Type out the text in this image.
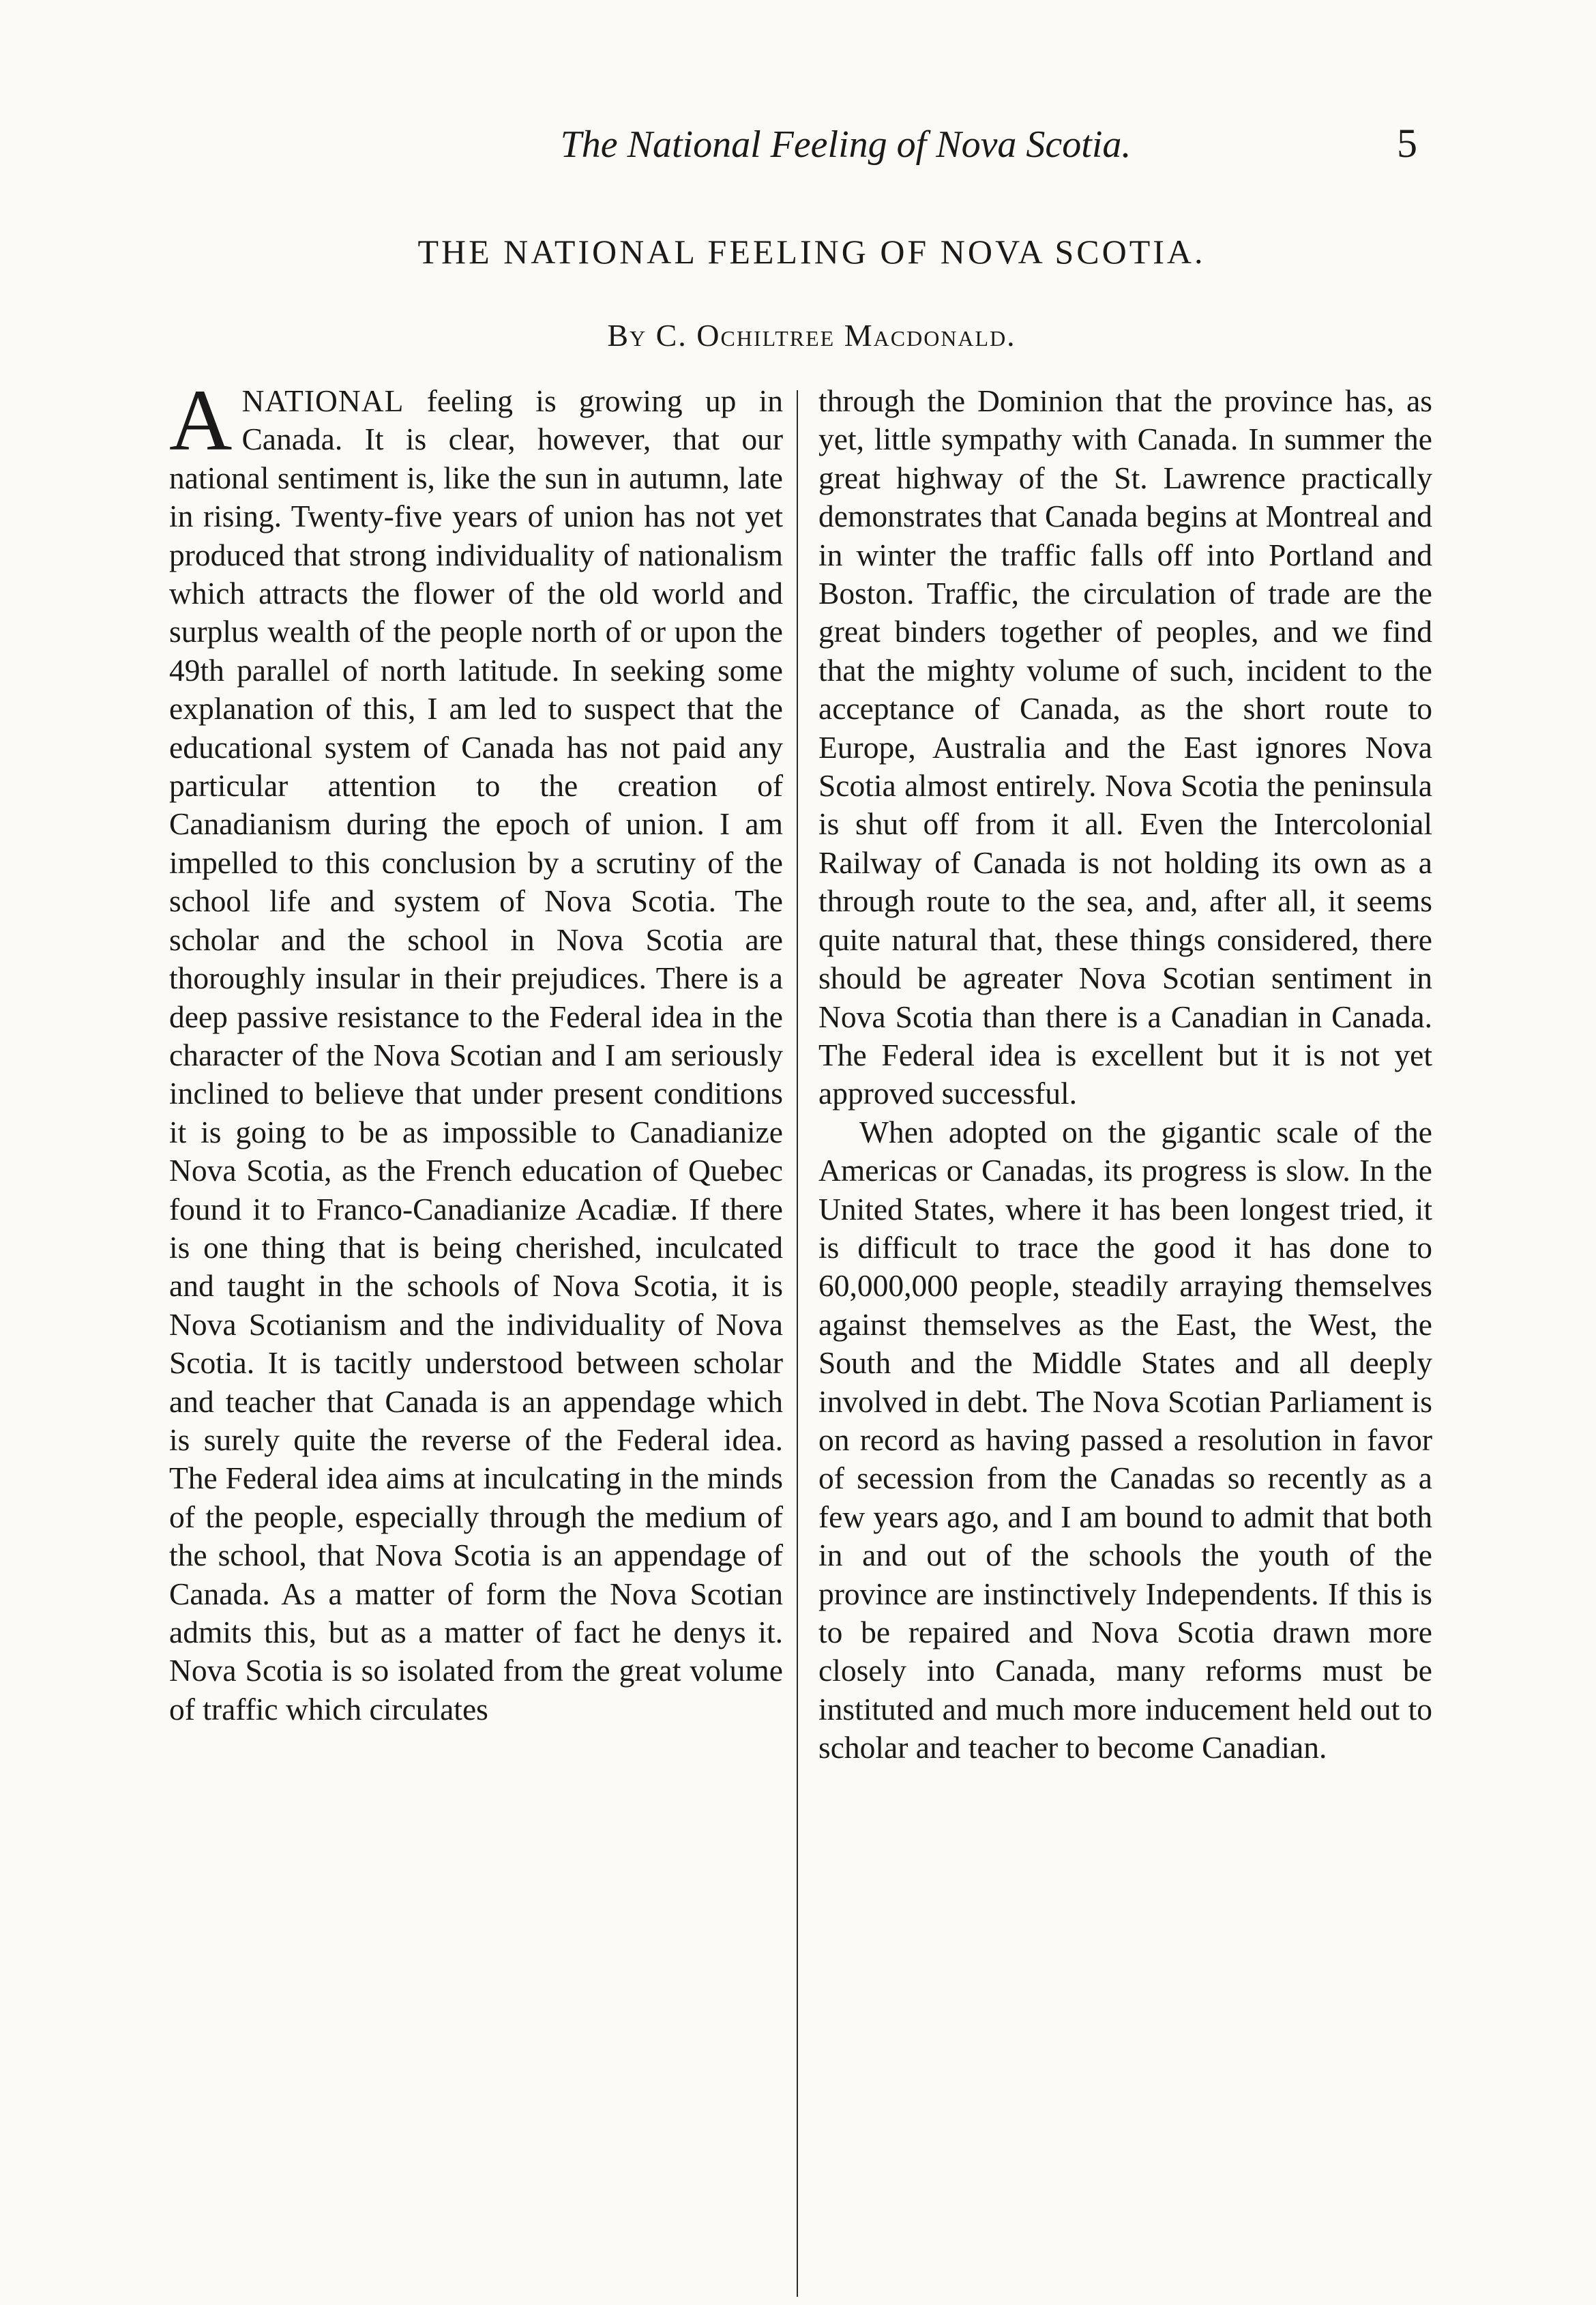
The National Feeling of Nova Scotia.	5
THE NATIONAL FEELING OF NOVA SCOTIA.
By C. Ochiltree Macdonald.

ANATIONAL feeling is growing up in Canada. It is clear, however, that our national sentiment is, like the sun in autumn, late in rising. Twenty-five years of union has not yet produced that strong individuality of nationalism which attracts the flower of the old world and surplus wealth of the people north of or upon the 49th parallel of north latitude. In seeking some explanation of this, I am led to suspect that the educational system of Canada has not paid any particular attention to the creation of Canadianism during the epoch of union. I am impelled to this conclusion by a scrutiny of the school life and system of Nova Scotia. The scholar and the school in Nova Scotia are thoroughly insular in their prejudices. There is a deep passive resistance to the Federal idea in the character of the Nova Scotian and I am seriously inclined to believe that under present conditions it is going to be as impossible to Canadianize Nova Scotia, as the French education of Quebec found it to Franco-Canadianize Acadiæ. If there is one thing that is being cherished, inculcated and taught in the schools of Nova Scotia, it is Nova Scotianism and the individuality of Nova Scotia. It is tacitly understood between scholar and teacher that Canada is an appendage which is surely quite the reverse of the Federal idea. The Federal idea aims at inculcating in the minds of the people, especially through the medium of the school, that Nova Scotia is an appendage of Canada. As a matter of form the Nova Scotian admits this, but as a matter of fact he denys it. Nova Scotia is so isolated from the great volume of traffic which circulates

through the Dominion that the province has, as yet, little sympathy with Canada. In summer the great highway of the St. Lawrence practically demonstrates that Canada begins at Montreal and in winter the traffic falls off into Portland and Boston. Traffic, the circulation of trade are the great binders together of peoples, and we find that the mighty volume of such, incident to the acceptance of Canada, as the short route to Europe, Australia and the East ignores Nova Scotia almost entirely. Nova Scotia the peninsula is shut off from it all. Even the Intercolonial Railway of Canada is not holding its own as a through route to the sea, and, after all, it seems quite natural that, these things considered, there should be agreater Nova Scotian sentiment in Nova Scotia than there is a Canadian in Canada. The Federal idea is excellent but it is not yet approved successful.

When adopted on the gigantic scale of the Americas or Canadas, its progress is slow. In the United States, where it has been longest tried, it is difficult to trace the good it has done to 60,000,000 people, steadily arraying themselves against themselves as the East, the West, the South and the Middle States and all deeply involved in debt. The Nova Scotian Parliament is on record as having passed a resolution in favor of secession from the Canadas so recently as a few years ago, and I am bound to admit that both in and out of the schools the youth of the province are instinctively Independents. If this is to be repaired and Nova Scotia drawn more closely into Canada, many reforms must be instituted and much more inducement held out to scholar and teacher to become Canadian.
